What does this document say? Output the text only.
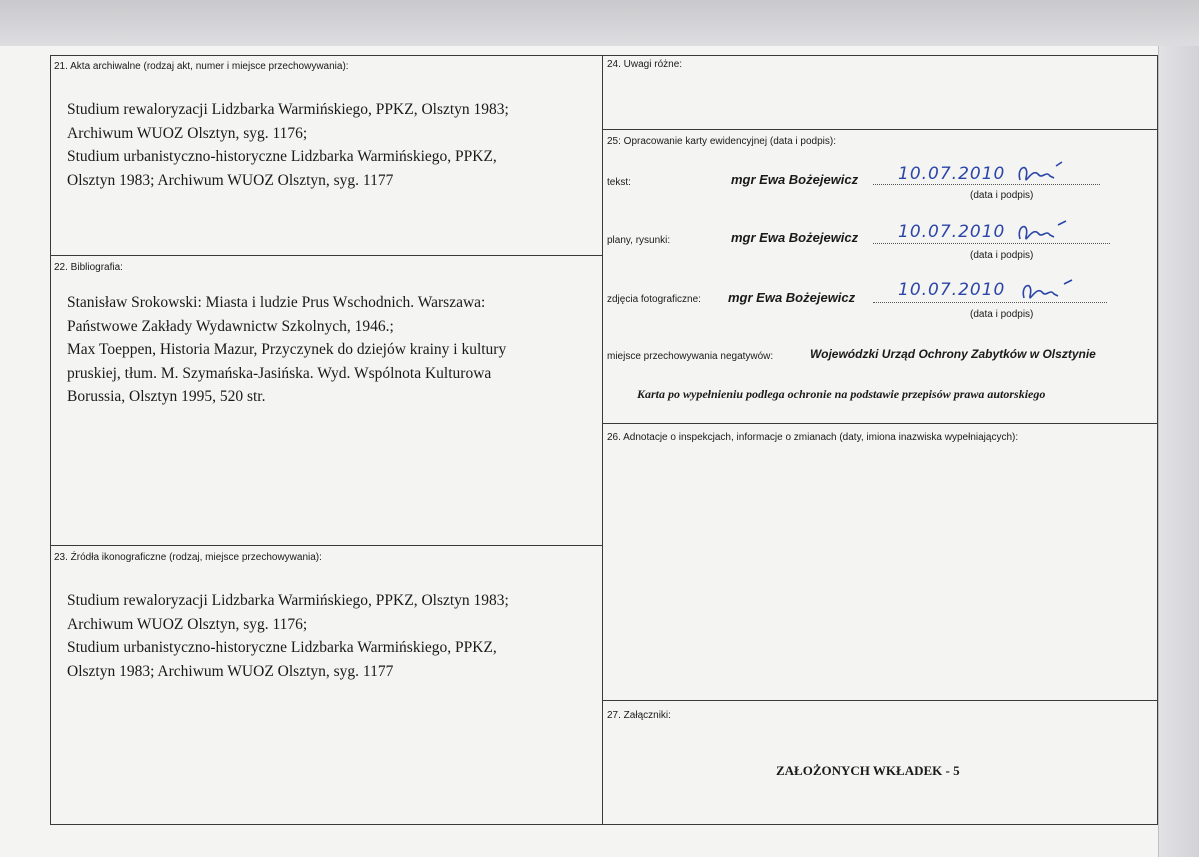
21. Akta archiwalne (rodzaj akt, numer i miejsce przechowywania):
Studium rewaloryzacji Lidzbarka Warmińskiego, PPKZ, Olsztyn 1983;
Archiwum WUOZ Olsztyn, syg. 1176;
Studium urbanistyczno-historyczne Lidzbarka Warmińskiego, PPKZ,
Olsztyn 1983; Archiwum WUOZ Olsztyn, syg. 1177
22. Bibliografia:
Stanisław Srokowski: Miasta i ludzie Prus Wschodnich. Warszawa:
Państwowe Zakłady Wydawnictw Szkolnych, 1946.;
Max Toeppen, Historia Mazur, Przyczynek do dziejów krainy i kultury
pruskiej, tłum. M. Szymańska-Jasińska. Wyd. Wspólnota Kulturowa
Borussia, Olsztyn 1995, 520 str.
23. Źródła ikonograficzne (rodzaj, miejsce przechowywania):
Studium rewaloryzacji Lidzbarka Warmińskiego, PPKZ, Olsztyn 1983;
Archiwum WUOZ Olsztyn, syg. 1176;
Studium urbanistyczno-historyczne Lidzbarka Warmińskiego, PPKZ,
Olsztyn 1983; Archiwum WUOZ Olsztyn, syg. 1177
24. Uwagi różne:
25: Opracowanie karty ewidencyjnej (data i podpis):
tekst:	mgr Ewa Bożejewicz 10.07.2010
(data i podpis)
plany, rysunki:	mgr Ewa Bożejewicz 10.07.2010
(data i podpis)
zdjęcia fotograficzne: mgr Ewa Bożejewicz	10.07.2010
(data i podpis)
miejsce przechowywania negatywów:	Wojewódzki Urząd Ochrony Zabytków w Olsztynie
Karta po wypełnieniu podlega ochronie na podstawie przepisów prawa autorskiego
26. Adnotacje o inspekcjach, informacje o zmianach (daty, imiona inazwiska wypełniających):
27. Załączniki:
ZAŁOŻONYCH WKŁADEK - 5
